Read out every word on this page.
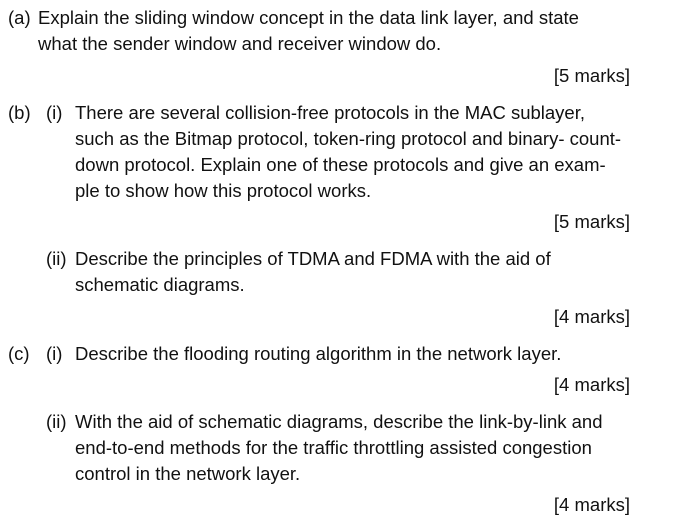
(a) Explain the sliding window concept in the data link layer, and state
what the sender window and receiver window do.
[5 marks]
(b) (i) There are several collision-free protocols in the MAC sublayer,
such as the Bitmap protocol, token-ring protocol and binary- count-
down protocol. Explain one of these protocols and give an exam-
ple to show how this protocol works.
[5 marks]
(ii) Describe the principles of TDMA and FDMA with the aid of
schematic diagrams.
[4 marks]
(c) (i) Describe the flooding routing algorithm in the network layer.
[4 marks]
(ii) With the aid of schematic diagrams, describe the link-by-link and
end-to-end methods for the traffic throttling assisted congestion
control in the network layer.
[4 marks]
